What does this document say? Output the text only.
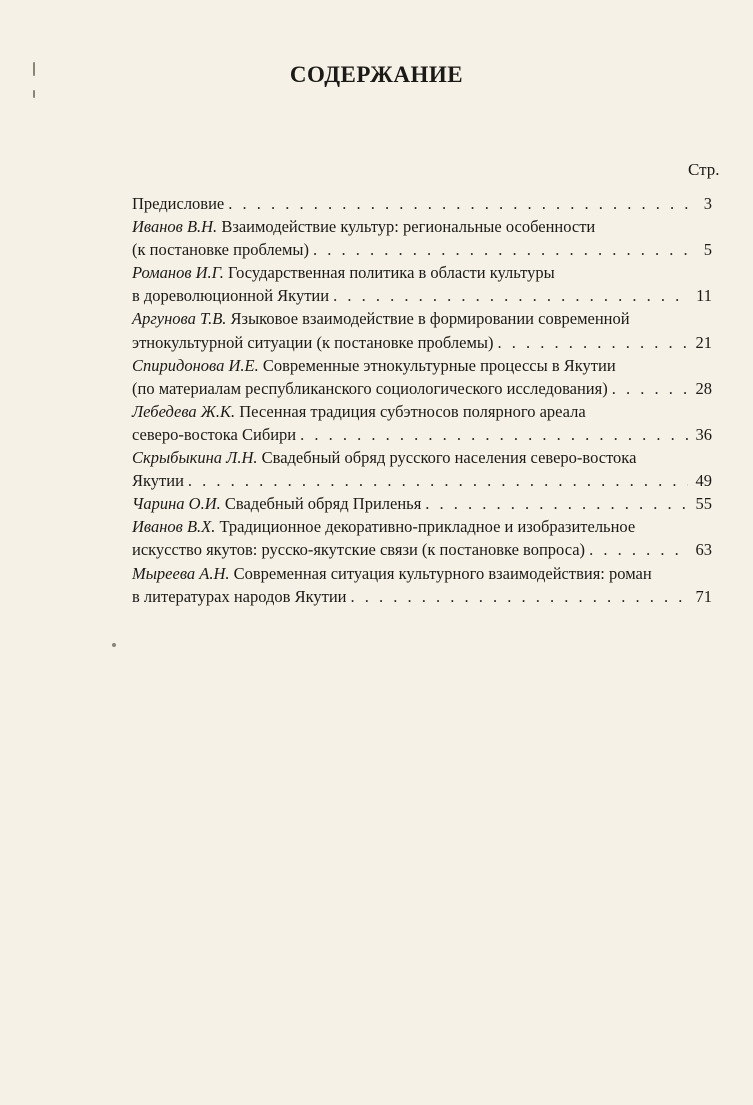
СОДЕРЖАНИЕ
Стр.
Предисловие . . .	3
Иванов В.Н.
Взаимодействие культур: региональные особенности
(к постановке проблемы) . . .	5
Романов И.Г.
Государственная политика в области культуры
в дореволюционной Якутии . . .	11
Аргунова Т.В.
Языковое взаимодействие в формировании современной
этнокультурной ситуации (к постановке проблемы) . . .	21
Спиридонова И.Е.
Современные этнокультурные процессы в Якутии
(по материалам республиканского социологического исследования) . . .	28
Лебедева Ж.К.
Песенная традиция субэтносов полярного ареала
северо-востока Сибири . . .	36
Скрыбыкина Л.Н.
Свадебный обряд русского населения северо-востока
Якутии . . .	49
Чарина О.И.
Свадебный обряд Приленья . . .	55
Иванов В.Х.
Традиционное декоративно-прикладное и изобразительное
искусство якутов: русско-якутские связи (к постановке вопроса) . . .	63
Мыреева А.Н.
Современная ситуация культурного взаимодействия: роман
в литературах народов Якутии . . .	71
